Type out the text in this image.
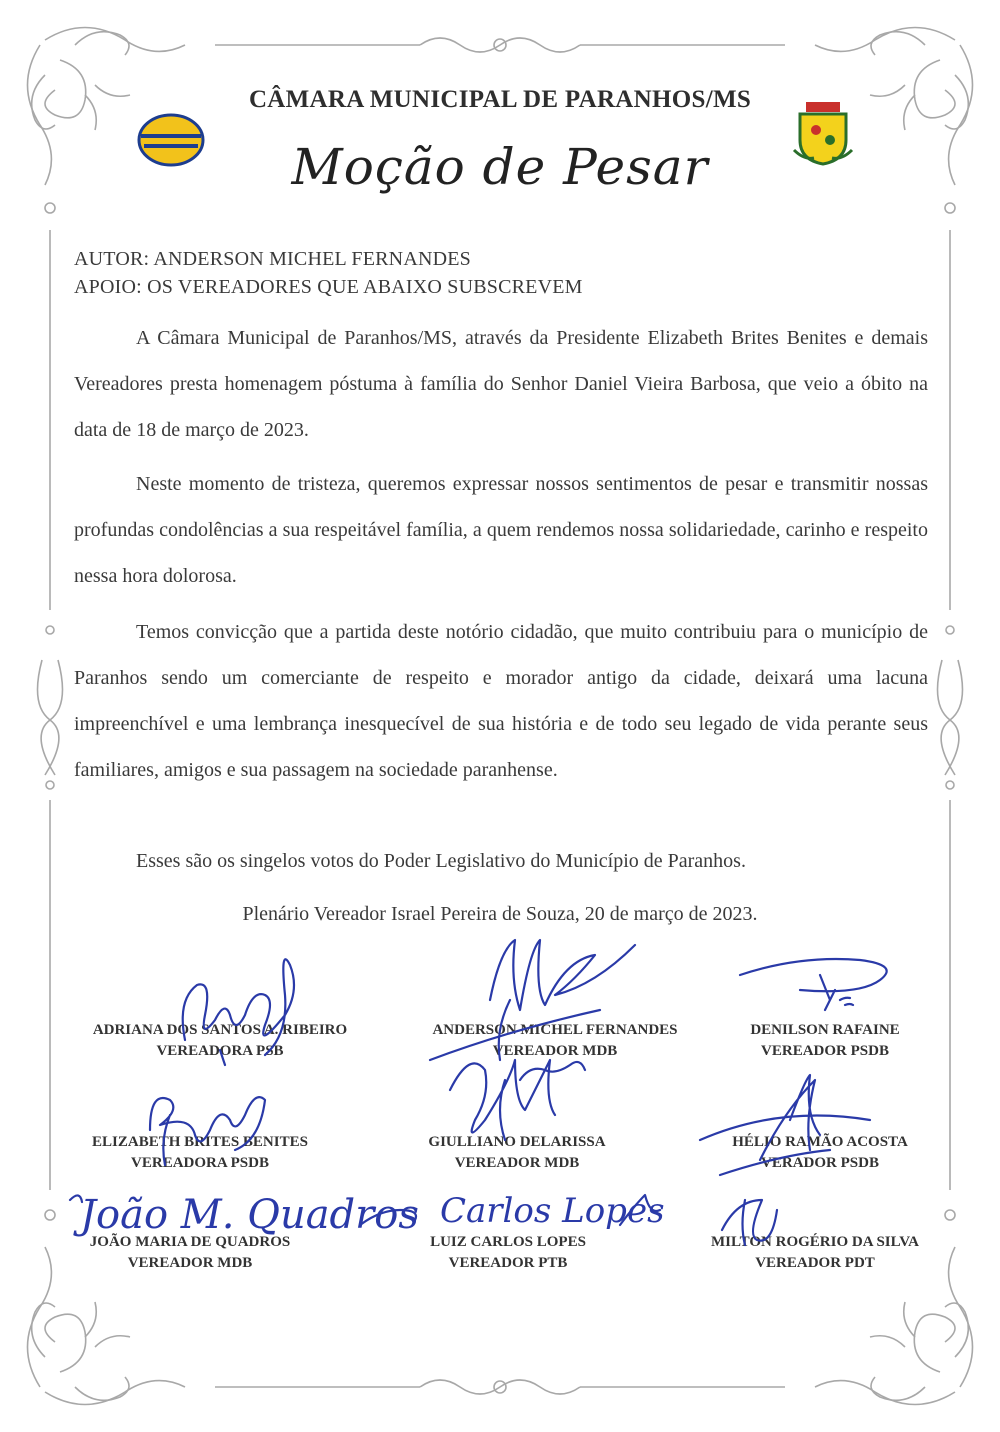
CÂMARA MUNICIPAL DE PARANHOS/MS
Moção de Pesar
AUTOR: ANDERSON MICHEL FERNANDES
APOIO: OS VEREADORES QUE ABAIXO SUBSCREVEM
A Câmara Municipal de Paranhos/MS, através da Presidente Elizabeth Brites Benites e demais Vereadores presta homenagem póstuma à família do Senhor Daniel Vieira Barbosa, que veio a óbito na data de 18 de março de 2023.
Neste momento de tristeza, queremos expressar nossos sentimentos de pesar e transmitir nossas profundas condolências a sua respeitável família, a quem rendemos nossa solidariedade, carinho e respeito nessa hora dolorosa.
Temos convicção que a partida deste notório cidadão, que muito contribuiu para o município de Paranhos sendo um comerciante de respeito e morador antigo da cidade, deixará uma lacuna impreenchível e uma lembrança inesquecível de sua história e de todo seu legado de vida perante seus familiares, amigos e sua passagem na sociedade paranhense.
Esses são os singelos votos do Poder Legislativo do Município de Paranhos.
Plenário Vereador Israel Pereira de Souza, 20 de março de 2023.
ADRIANA DOS SANTOS A. RIBEIRO
VEREADORA PSB
ANDERSON MICHEL FERNANDES
VEREADOR MDB
DENILSON RAFAINE
VEREADOR PSDB
ELIZABETH BRITES BENITES
VEREADORA PSDB
GIULLIANO DELARISSA
VEREADOR MDB
HÉLIO RAMÃO ACOSTA
VERADOR PSDB
JOÃO MARIA DE QUADROS
VEREADOR MDB
LUIZ CARLOS LOPES
VEREADOR PTB
MILTON ROGÉRIO DA SILVA
VEREADOR PDT
João M. Quadros Carlos Lopes
